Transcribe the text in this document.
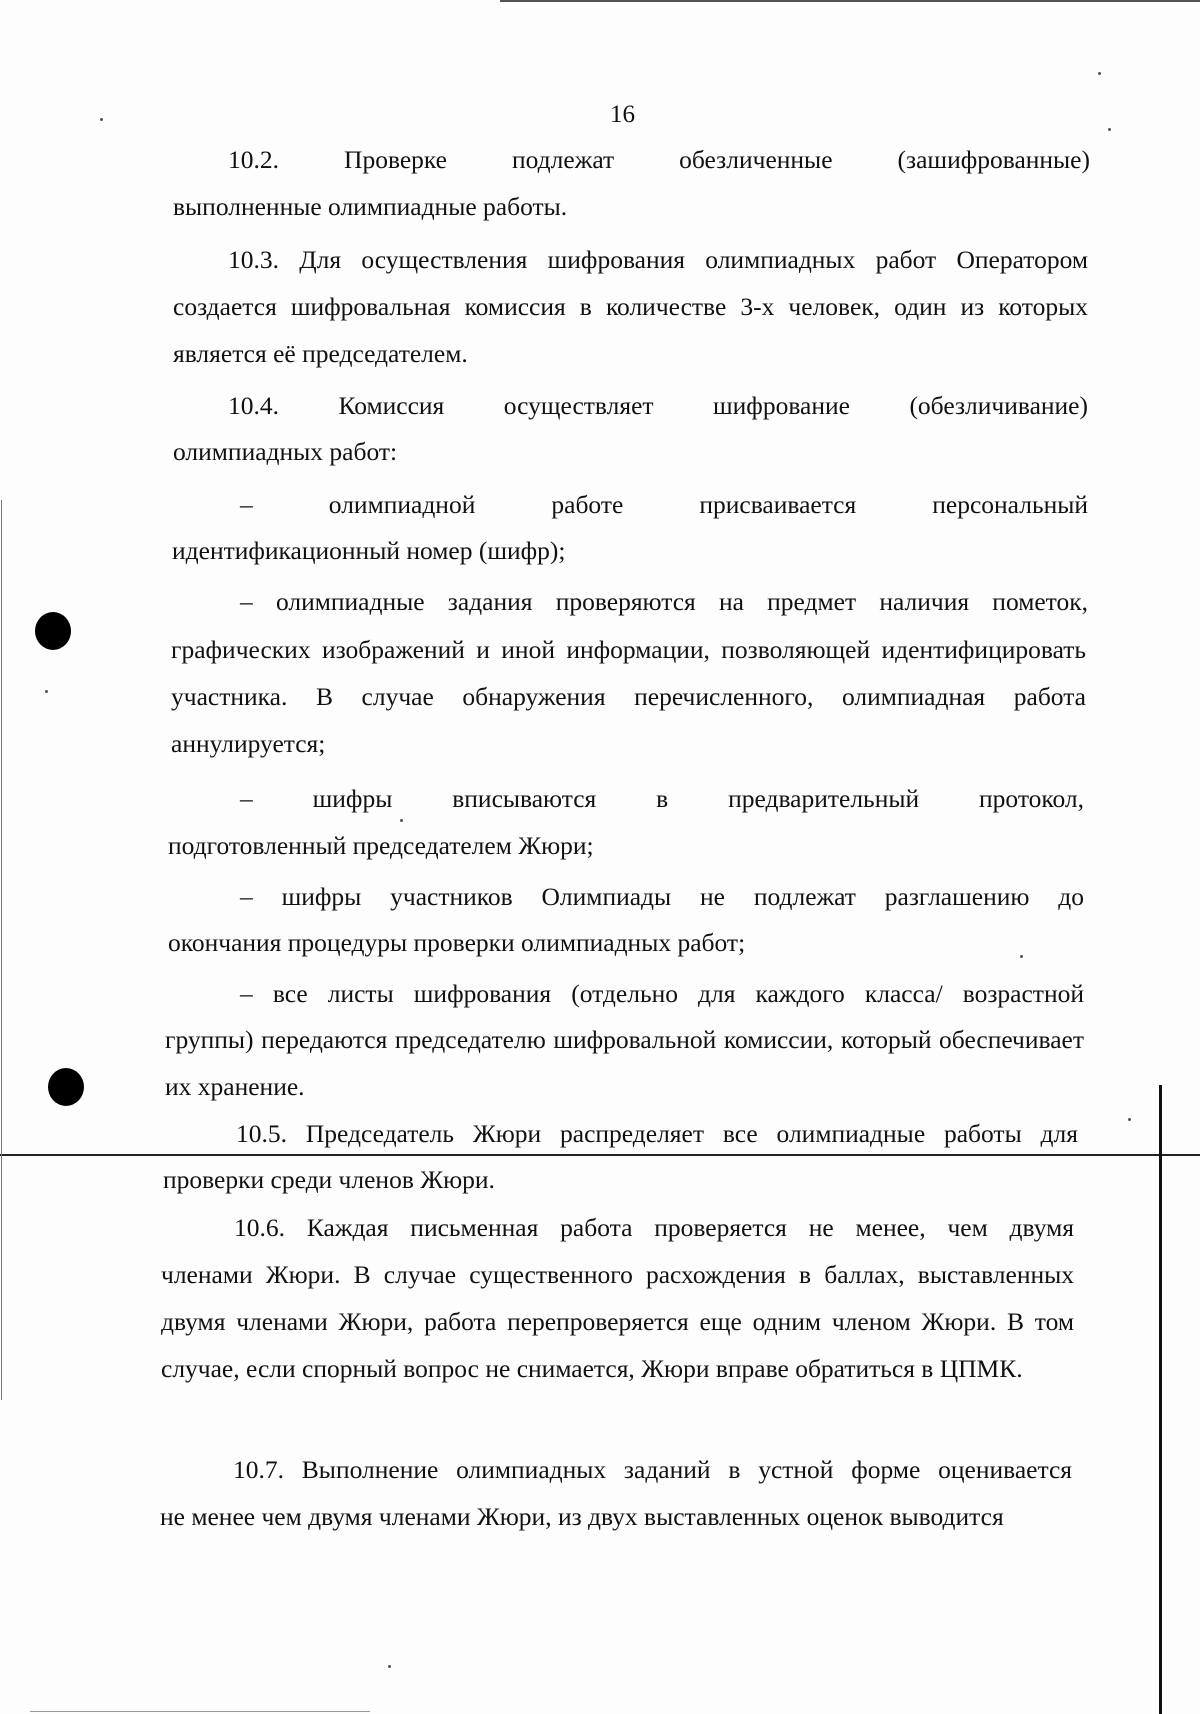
16
10.2. Проверке подлежат обезличенные (зашифрованные)
выполненные олимпиадные работы.
10.3. Для осуществления шифрования олимпиадных работ Оператором
создается шифровальная комиссия в количестве 3-х человек, один из которых является её председателем.
10.4. Комиссия осуществляет шифрование (обезличивание)
олимпиадных работ:
– олимпиадной работе присваивается персональный
идентификационный номер (шифр);
– олимпиадные задания проверяются на предмет наличия пометок,
графических изображений и иной информации, позволяющей идентифицировать участника. В случае обнаружения перечисленного, олимпиадная работа аннулируется;
– шифры вписываются в предварительный протокол,
подготовленный председателем Жюри;
– шифры участников Олимпиады не подлежат разглашению до
окончания процедуры проверки олимпиадных работ;
– все листы шифрования (отдельно для каждого класса/ возрастной
группы) передаются председателю шифровальной комиссии, который обеспечивает их хранение.
10.5. Председатель Жюри распределяет все олимпиадные работы для
проверки среди членов Жюри.
10.6. Каждая письменная работа проверяется не менее, чем двумя
членами Жюри. В случае существенного расхождения в баллах, выставленных двумя членами Жюри, работа перепроверяется еще одним членом Жюри. В том случае, если спорный вопрос не снимается, Жюри вправе обратиться в ЦПМК.
10.7. Выполнение олимпиадных заданий в устной форме оценивается
не менее чем двумя членами Жюри, из двух выставленных оценок выводится
